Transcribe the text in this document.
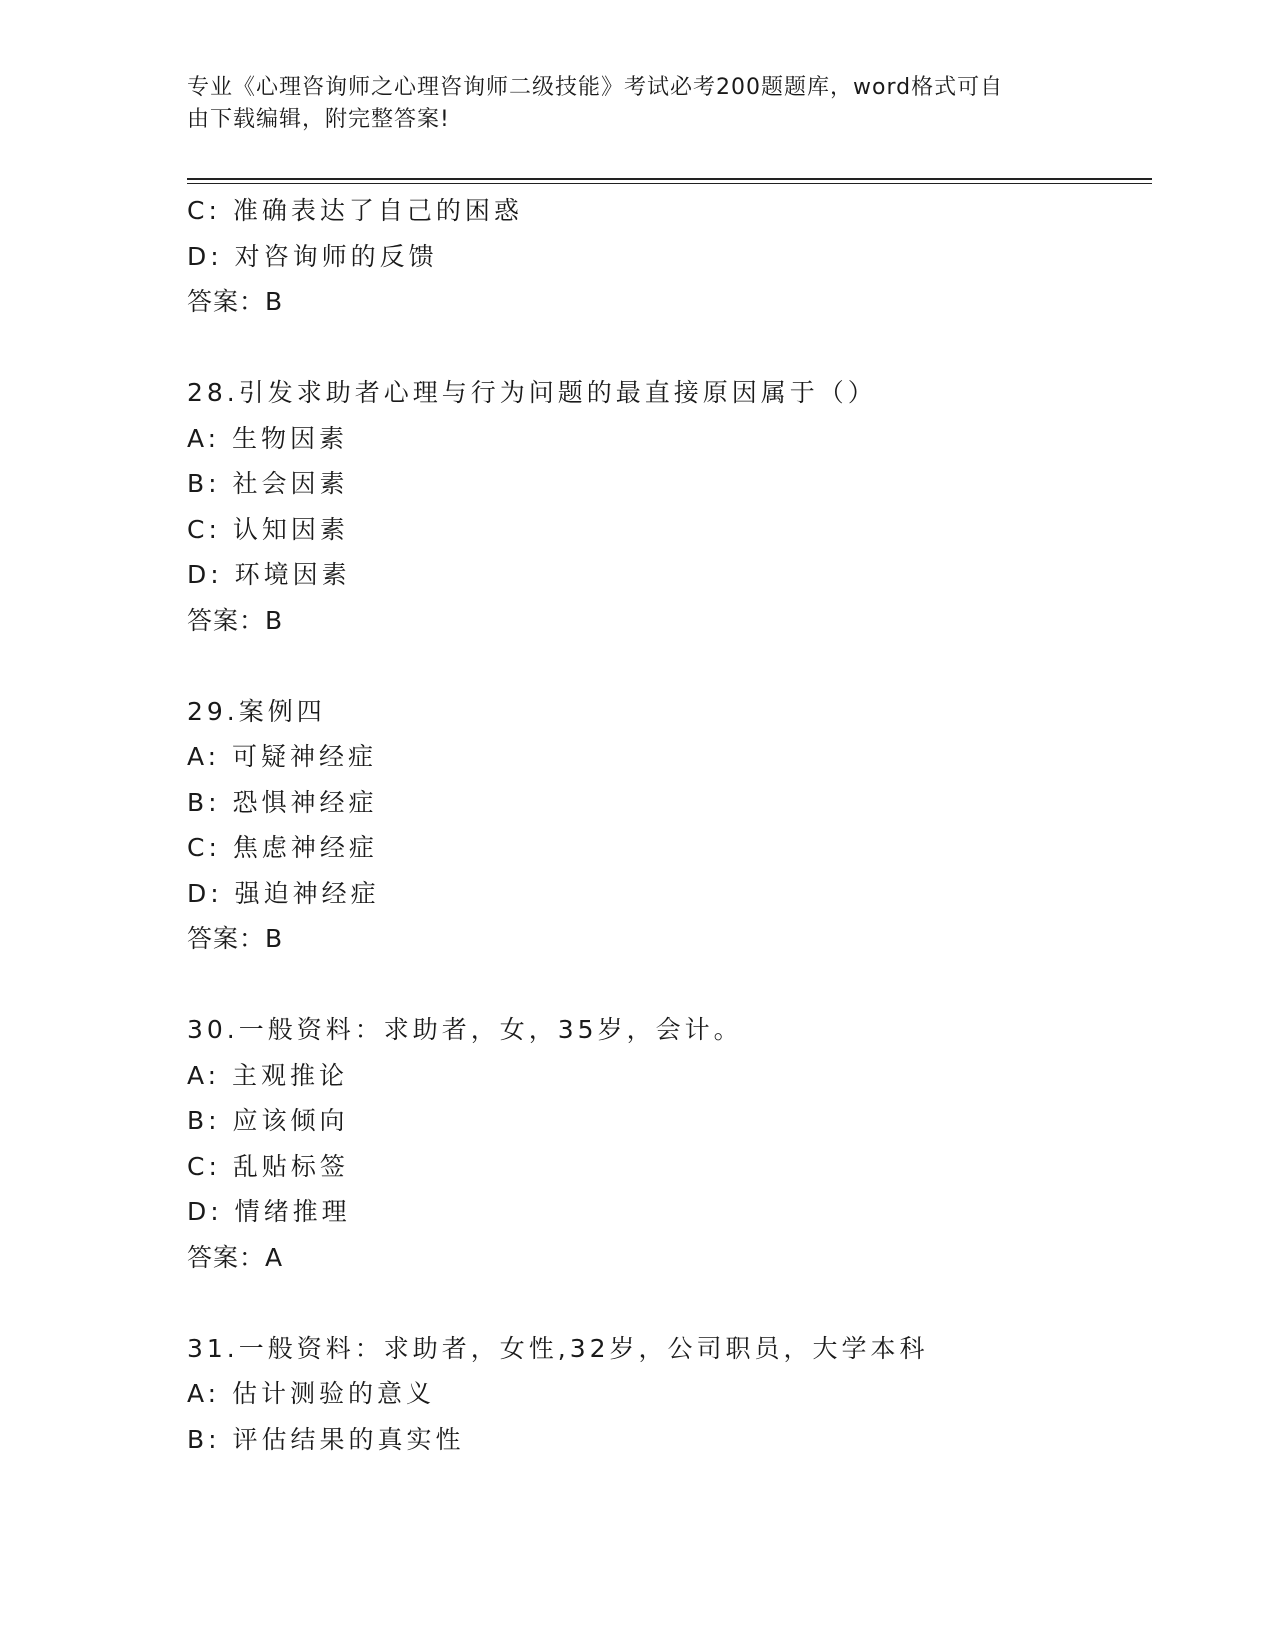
专业《心理咨询师之心理咨询师二级技能》考试必考200题题库，word格式可自
由下载编辑，附完整答案!
C: 准确表达了自己的困惑
D: 对咨询师的反馈
答案：B
28.引发求助者心理与行为问题的最直接原因属于（）
A: 生物因素
B: 社会因素
C: 认知因素
D: 环境因素
答案：B
29.案例四
A: 可疑神经症
B: 恐惧神经症
C: 焦虑神经症
D: 强迫神经症
答案：B
30.一般资料：求助者，女，35岁，会计。
A: 主观推论
B: 应该倾向
C: 乱贴标签
D: 情绪推理
答案：A
31.一般资料：求助者，女性,32岁，公司职员，大学本科
A: 估计测验的意义
B: 评估结果的真实性
